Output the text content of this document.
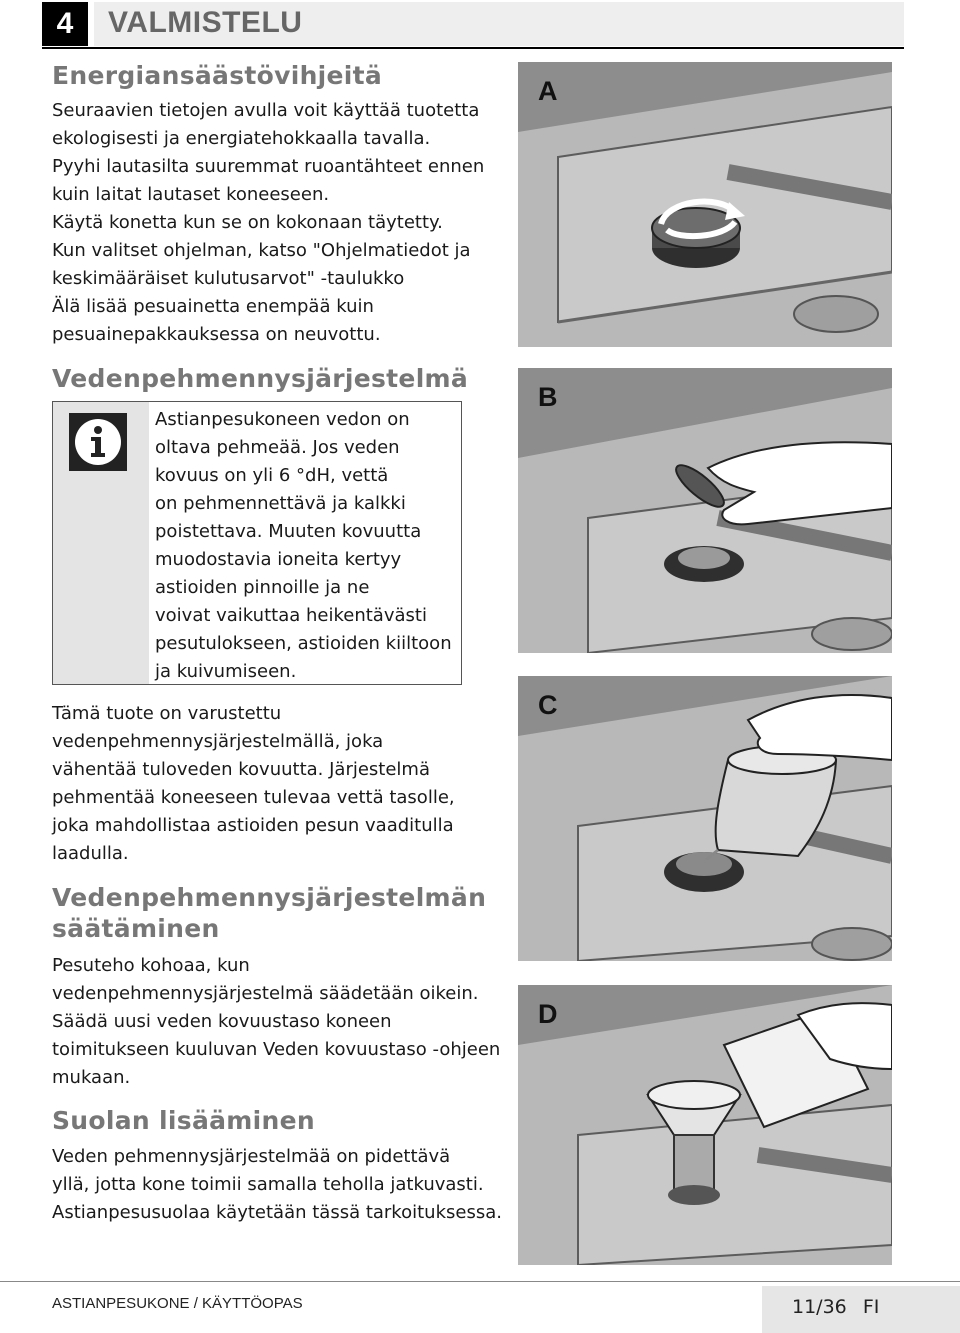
4	VALMISTELU
Energiansäästövihjeitä

Seuraavien tietojen avulla voit käyttää tuotetta
ekologisesti ja energiatehokkaalla tavalla.
Pyyhi lautasilta suuremmat ruoantähteet ennen
kuin laitat lautaset koneeseen.
Käytä konetta kun se on kokonaan täytetty.
Kun valitset ohjelman, katso "Ohjelmatiedot ja
keskimääräiset kulutusarvot" -taulukko
Älä lisää pesuainetta enempää kuin
pesuainepakkauksessa on neuvottu.

Vedenpehmennysjärjestelmä
Astianpesukoneen vedon on
oltava pehmeää. Jos veden
kovuus on yli 6 °dH, vettä
on pehmennettävä ja kalkki
poistettava. Muuten kovuutta
muodostavia ioneita kertyy
astioiden pinnoille ja ne
voivat vaikuttaa heikentävästi
pesutulokseen, astioiden kiiltoon
ja kuivumiseen.

Tämä tuote on varustettu
vedenpehmennysjärjestelmällä, joka
vähentää tuloveden kovuutta. Järjestelmä
pehmentää koneeseen tulevaa vettä tasolle,
joka mahdollistaa astioiden pesun vaaditulla
laadulla.

Vedenpehmennysjärjestelmän
säätäminen

Pesuteho kohoaa, kun
vedenpehmennysjärjestelmä säädetään oikein.
Säädä uusi veden kovuustaso koneen
toimitukseen kuuluvan Veden kovuustaso -ohjeen
mukaan.

Suolan lisääminen

Veden pehmennysjärjestelmää on pidettävä
yllä, jotta kone toimii samalla teholla jatkuvasti.
Astianpesusuolaa käytetään tässä tarkoituksessa.

A
B
C
D
ASTIANPESUKONE / KÄYTTÖOPAS	11/36 FI
